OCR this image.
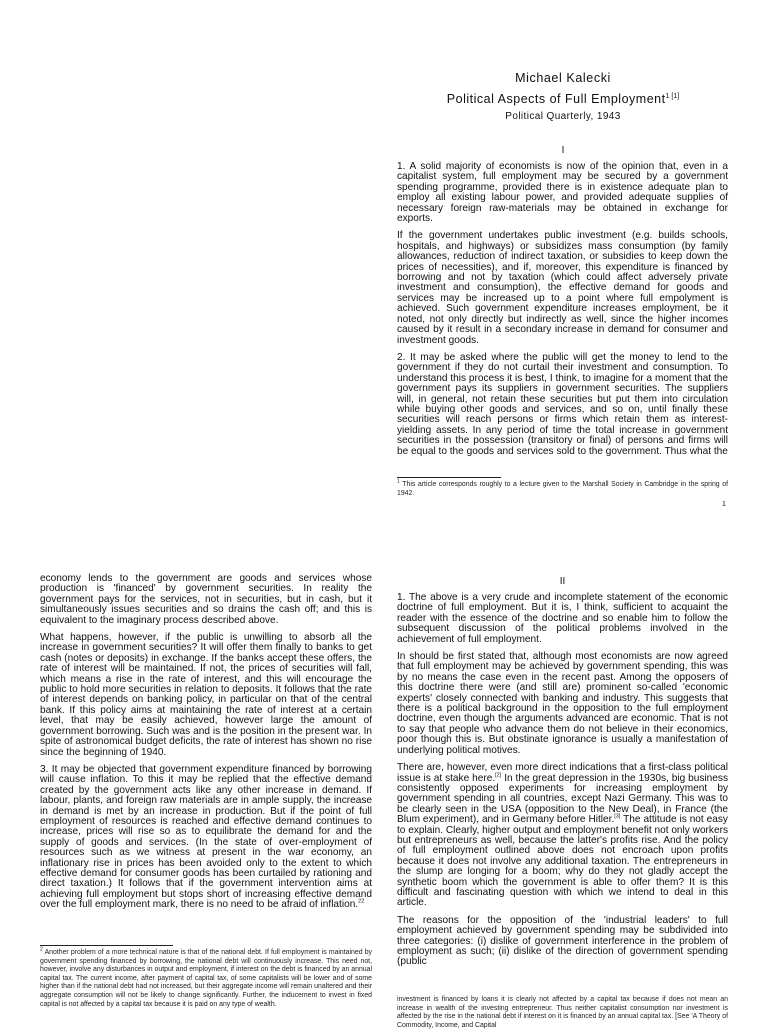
Michael Kalecki
Political Aspects of Full Employment$^{1 [1]}$
Political Quarterly, 1943
I

1. A solid majority of economists is now of the opinion that, even in a capitalist system, full employment may be secured by a government spending programme, provided there is in existence adequate plan to employ all existing labour power, and provided adequate supplies of necessary foreign raw-materials may be obtained in exchange for exports.

If the government undertakes public investment (e.g. builds schools, hospitals, and highways) or subsidizes mass consumption (by family allowances, reduction of indirect taxation, or subsidies to keep down the prices of necessities), and if, moreover, this expenditure is financed by borrowing and not by taxation (which could affect adversely private investment and consumption), the effective demand for goods and services may be increased up to a point where full empolyment is achieved. Such government expenditure increases employment, be it noted, not only directly but indirectly as well, since the higher incomes caused by it result in a secondary increase in demand for consumer and investment goods.

2. It may be asked where the public will get the money to lend to the government if they do not curtail their investment and consumption. To understand this process it is best, I think, to imagine for a moment that the government pays its suppliers in government securities. The suppliers will, in general, not retain these securities but put them into circulation while buying other goods and services, and so on, until finally these securities will reach persons or firms which retain them as interest-yielding assets. In any period of time the total increase in government securities in the possession (transitory or final) of persons and firms will be equal to the goods and services sold to the government. Thus what the

$^1$ This article corresponds roughly to a lecture given to the Marshall Society in Cambridge in the spring of 1942.
1

economy lends to the government are goods and services whose production is 'financed' by government securities. In reality the government pays for the services, not in securities, but in cash, but it simultaneously issues securities and so drains the cash off; and this is equivalent to the imaginary process described above.

What happens, however, if the public is unwilling to absorb all the increase in government securities? It will offer them finally to banks to get cash (notes or deposits) in exchange. If the banks accept these offers, the rate of interest will be maintained. If not, the prices of securities will fall, which means a rise in the rate of interest, and this will encourage the public to hold more securities in relation to deposits. It follows that the rate of interest depends on banking policy, in particular on that of the central bank. If this policy aims at maintaining the rate of interest at a certain level, that may be easily achieved, however large the amount of government borrowing. Such was and is the position in the present war. In spite of astronomical budget deficits, the rate of interest has shown no rise since the beginning of 1940.

3. It may be objected that government expenditure financed by borrowing will cause inflation. To this it may be replied that the effective demand created by the government acts like any other increase in demand. If labour, plants, and foreign raw materials are in ample supply, the increase in demand is met by an increase in production. But if the point of full employment of resources is reached and effective demand continues to increase, prices will rise so as to equilibrate the demand for and the supply of goods and services. (In the state of over-employment of resources such as we witness at present in the war economy, an inflationary rise in prices has been avoided only to the extent to which effective demand for consumer goods has been curtailed by rationing and direct taxation.) It follows that if the government intervention aims at achieving full employment but stops short of increasing effective demand over the full employment mark, there is no need to be afraid of inflation.$^{22}$

$^2$ Another problem of a more technical nature is that of the national debt. If full employment is maintained by government spending financed by borrowing, the national debt will continuously increase. This need not, however, involve any disturbances in output and employment, if interest on the debt is financed by an annual capital tax. The current income, after payment of capital tax, of some capitalists will be lower and of some higher than if the national debt had not increased, but their aggregate income will remain unaltered and their aggregate consumption will not be likely to change significantly. Further, the inducement to invest in fixed capital is not affected by a capital tax because it is paid on any type of wealth.
II

1. The above is a very crude and incomplete statement of the economic doctrine of full employment. But it is, I think, sufficient to acquaint the reader with the essence of the doctrine and so enable him to follow the subsequent discussion of the political problems involved in the achievement of full employment.

In should be first stated that, although most economists are now agreed that full employment may be achieved by government spending, this was by no means the case even in the recent past. Among the opposers of this doctrine there were (and still are) prominent so-called 'economic experts' closely connected with banking and industry. This suggests that there is a political background in the opposition to the full employment doctrine, even though the arguments advanced are economic. That is not to say that people who advance them do not believe in their economics, poor though this is. But obstinate ignorance is usually a manifestation of underlying political motives.

There are, however, even more direct indications that a first-class political issue is at stake here.[2] In the great depression in the 1930s, big business consistently opposed experiments for increasing employment by government spending in all countries, except Nazi Germany. This was to be clearly seen in the USA (opposition to the New Deal), in France (the Blum experiment), and in Germany before Hitler.[3] The attitude is not easy to explain. Clearly, higher output and employment benefit not only workers but entrepreneurs as well, because the latter's profits rise. And the policy of full employment outlined above does not encroach upon profits because it does not involve any additional taxation. The entrepreneurs in the slump are longing for a boom; why do they not gladly accept the synthetic boom which the government is able to offer them? It is this difficult and fascinating question with which we intend to deal in this article.

The reasons for the opposition of the 'industrial leaders' to full employment achieved by government spending may be subdivided into three categories: (i) dislike of government interference in the problem of employment as such; (ii) dislike of the direction of government spending (public

investment is financed by loans it is clearly not affected by a capital tax because if does not mean an increase in wealth of the investing entrepreneur. Thus neither capitalist consumption nor investment is affected by the rise in the national debt if interest on it is financed by an annual capital tax. [See 'A Theory of Commodity, Income, and Capital
